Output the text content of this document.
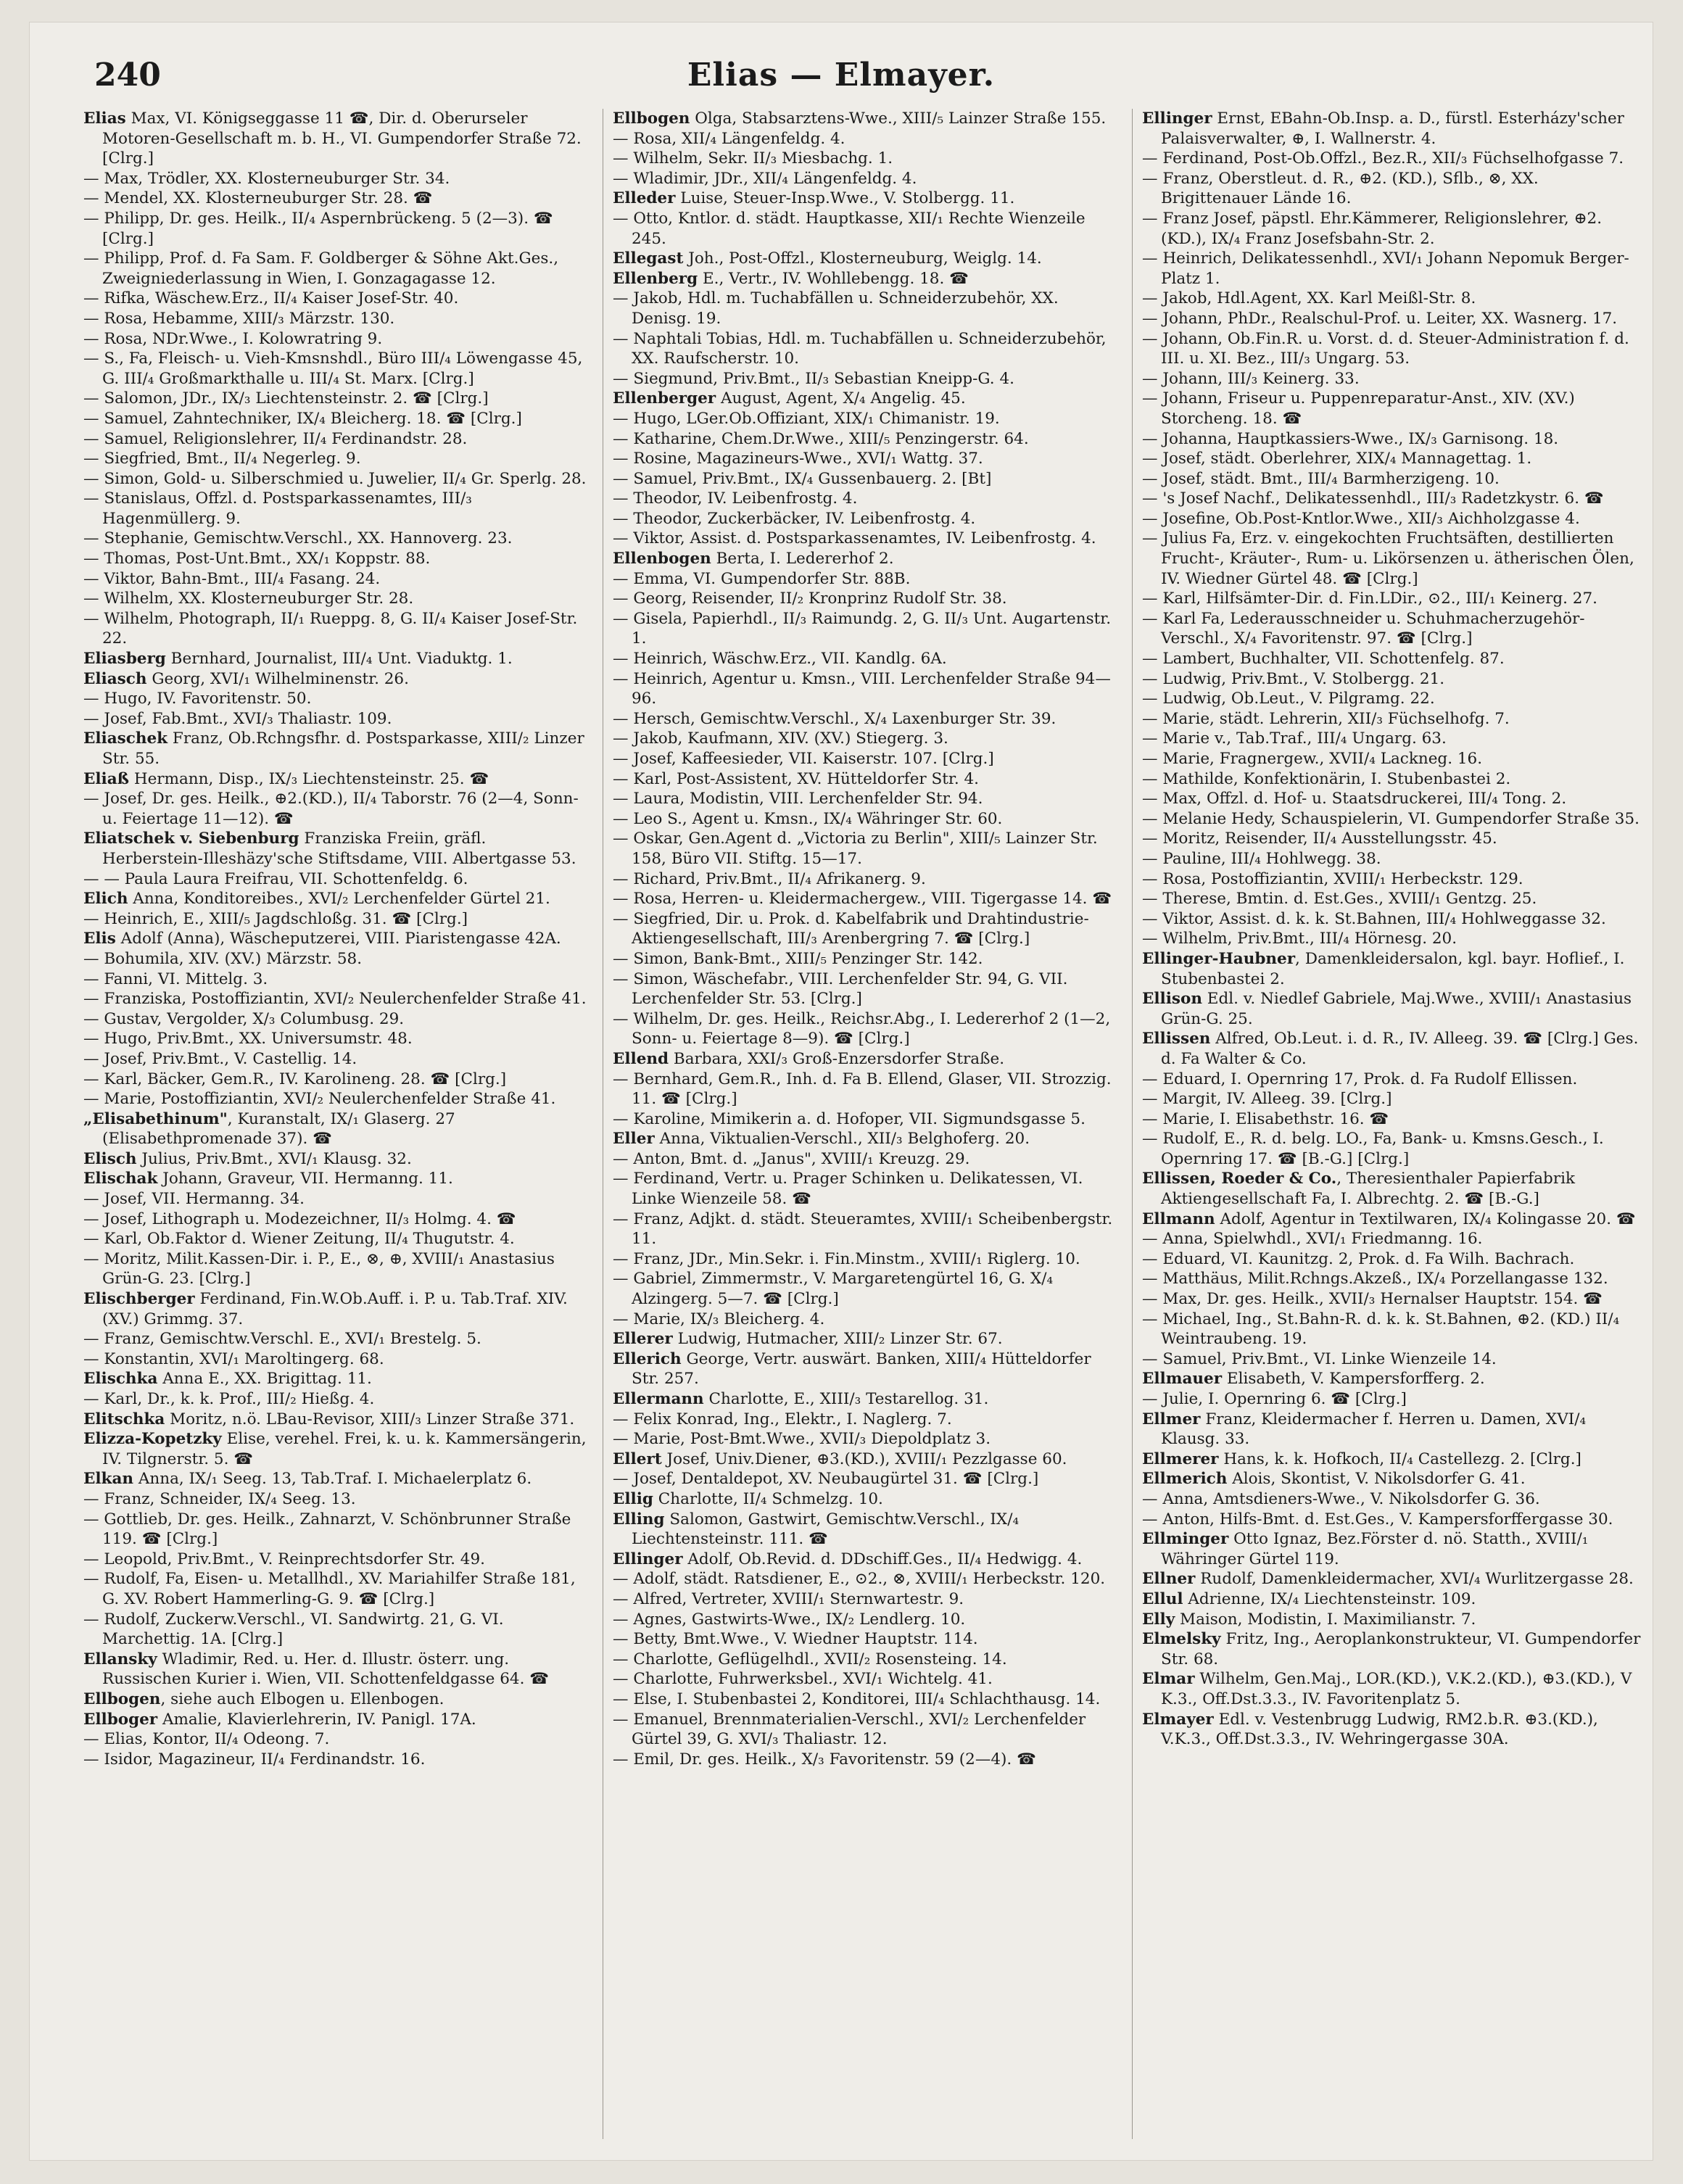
240	Elias — Elmayer.

Elias Max, VI. Königseggasse 11 ☎, Dir. d. Oberurseler Motoren-Gesellschaft m. b. H., VI. Gumpendorfer Straße 72. [Clrg.]

— Max, Trödler, XX. Klosterneuburger Str. 34.

— Mendel, XX. Klosterneuburger Str. 28. ☎

— Philipp, Dr. ges. Heilk., II/₄ Aspernbrückeng. 5 (2—3). ☎ [Clrg.]

— Philipp, Prof. d. Fa Sam. F. Goldberger & Söhne Akt.Ges., Zweigniederlassung in Wien, I. Gonzagagasse 12.

— Rifka, Wäschew.Erz., II/₄ Kaiser Josef-Str. 40.

— Rosa, Hebamme, XIII/₃ Märzstr. 130.

— Rosa, NDr.Wwe., I. Kolowratring 9.

— S., Fa, Fleisch- u. Vieh-Kmsnshdl., Büro III/₄ Löwengasse 45, G. III/₄ Großmarkthalle u. III/₄ St. Marx. [Clrg.]

— Salomon, JDr., IX/₃ Liechtensteinstr. 2. ☎ [Clrg.]

— Samuel, Zahntechniker, IX/₄ Bleicherg. 18. ☎ [Clrg.]

— Samuel, Religionslehrer, II/₄ Ferdinandstr. 28.

— Siegfried, Bmt., II/₄ Negerleg. 9.

— Simon, Gold- u. Silberschmied u. Juwelier, II/₄ Gr. Sperlg. 28.

— Stanislaus, Offzl. d. Postsparkassenamtes, III/₃ Hagenmüllerg. 9.

— Stephanie, Gemischtw.Verschl., XX. Hannoverg. 23.

— Thomas, Post-Unt.Bmt., XX/₁ Koppstr. 88.

— Viktor, Bahn-Bmt., III/₄ Fasang. 24.

— Wilhelm, XX. Klosterneuburger Str. 28.

— Wilhelm, Photograph, II/₁ Rueppg. 8, G. II/₄ Kaiser Josef-Str. 22.

Eliasberg Bernhard, Journalist, III/₄ Unt. Viaduktg. 1.

Eliasch Georg, XVI/₁ Wilhelminenstr. 26.

— Hugo, IV. Favoritenstr. 50.

— Josef, Fab.Bmt., XVI/₃ Thaliastr. 109.

Eliaschek Franz, Ob.Rchngsfhr. d. Postsparkasse, XIII/₂ Linzer Str. 55.

Eliaß Hermann, Disp., IX/₃ Liechtensteinstr. 25. ☎

— Josef, Dr. ges. Heilk., ⊕2.(KD.), II/₄ Taborstr. 76 (2—4, Sonn- u. Feiertage 11—12). ☎

Eliatschek v. Siebenburg Franziska Freiin, gräfl. Herberstein-Illeshäzy'sche Stiftsdame, VIII. Albertgasse 53.

— — Paula Laura Freifrau, VII. Schottenfeldg. 6.

Elich Anna, Konditoreibes., XVI/₂ Lerchenfelder Gürtel 21.

— Heinrich, E., XIII/₅ Jagdschloßg. 31. ☎ [Clrg.]

Elis Adolf (Anna), Wäscheputzerei, VIII. Piaristengasse 42A.

— Bohumila, XIV. (XV.) Märzstr. 58.

— Fanni, VI. Mittelg. 3.

— Franziska, Postoffiziantin, XVI/₂ Neulerchenfelder Straße 41.

— Gustav, Vergolder, X/₃ Columbusg. 29.

— Hugo, Priv.Bmt., XX. Universumstr. 48.

— Josef, Priv.Bmt., V. Castellig. 14.

— Karl, Bäcker, Gem.R., IV. Karolineng. 28. ☎ [Clrg.]

— Marie, Postoffiziantin, XVI/₂ Neulerchenfelder Straße 41.

„Elisabethinum", Kuranstalt, IX/₁ Glaserg. 27 (Elisabethpromenade 37). ☎

Elisch Julius, Priv.Bmt., XVI/₁ Klausg. 32.

Elischak Johann, Graveur, VII. Hermanng. 11.

— Josef, VII. Hermanng. 34.

— Josef, Lithograph u. Modezeichner, II/₃ Holmg. 4. ☎

— Karl, Ob.Faktor d. Wiener Zeitung, II/₄ Thugutstr. 4.

— Moritz, Milit.Kassen-Dir. i. P., E., ⊗, ⊕, XVIII/₁ Anastasius Grün-G. 23. [Clrg.]

Elischberger Ferdinand, Fin.W.Ob.Auff. i. P. u. Tab.Traf. XIV. (XV.) Grimmg. 37.

— Franz, Gemischtw.Verschl. E., XVI/₁ Brestelg. 5.

— Konstantin, XVI/₁ Maroltingerg. 68.

Elischka Anna E., XX. Brigittag. 11.

— Karl, Dr., k. k. Prof., III/₂ Hießg. 4.

Elitschka Moritz, n.ö. LBau-Revisor, XIII/₃ Linzer Straße 371.

Elizza-Kopetzky Elise, verehel. Frei, k. u. k. Kammersängerin, IV. Tilgnerstr. 5. ☎

Elkan Anna, IX/₁ Seeg. 13, Tab.Traf. I. Michaelerplatz 6.

— Franz, Schneider, IX/₄ Seeg. 13.

— Gottlieb, Dr. ges. Heilk., Zahnarzt, V. Schönbrunner Straße 119. ☎ [Clrg.]

— Leopold, Priv.Bmt., V. Reinprechtsdorfer Str. 49.

— Rudolf, Fa, Eisen- u. Metallhdl., XV. Mariahilfer Straße 181, G. XV. Robert Hammerling-G. 9. ☎ [Clrg.]

— Rudolf, Zuckerw.Verschl., VI. Sandwirtg. 21, G. VI. Marchettig. 1A. [Clrg.]

Ellansky Wladimir, Red. u. Her. d. Illustr. österr. ung. Russischen Kurier i. Wien, VII. Schottenfeldgasse 64. ☎

Ellbogen, siehe auch Elbogen u. Ellenbogen.

Ellboger Amalie, Klavierlehrerin, IV. Panigl. 17A.

— Elias, Kontor, II/₄ Odeong. 7.

— Isidor, Magazineur, II/₄ Ferdinandstr. 16.

Ellbogen Olga, Stabsarztens-Wwe., XIII/₅ Lainzer Straße 155.

— Rosa, XII/₄ Längenfeldg. 4.

— Wilhelm, Sekr. II/₃ Miesbachg. 1.

— Wladimir, JDr., XII/₄ Längenfeldg. 4.

Elleder Luise, Steuer-Insp.Wwe., V. Stolbergg. 11.

— Otto, Kntlor. d. städt. Hauptkasse, XII/₁ Rechte Wienzeile 245.

Ellegast Joh., Post-Offzl., Klosterneuburg, Weiglg. 14.

Ellenberg E., Vertr., IV. Wohllebengg. 18. ☎

— Jakob, Hdl. m. Tuchabfällen u. Schneiderzubehör, XX. Denisg. 19.

— Naphtali Tobias, Hdl. m. Tuchabfällen u. Schneiderzubehör, XX. Raufscherstr. 10.

— Siegmund, Priv.Bmt., II/₃ Sebastian Kneipp-G. 4.

Ellenberger August, Agent, X/₄ Angelig. 45.

— Hugo, LGer.Ob.Offiziant, XIX/₁ Chimanistr. 19.

— Katharine, Chem.Dr.Wwe., XIII/₅ Penzingerstr. 64.

— Rosine, Magazineurs-Wwe., XVI/₁ Wattg. 37.

— Samuel, Priv.Bmt., IX/₄ Gussenbauerg. 2. [Bt]

— Theodor, IV. Leibenfrostg. 4.

— Theodor, Zuckerbäcker, IV. Leibenfrostg. 4.

— Viktor, Assist. d. Postsparkassenamtes, IV. Leibenfrostg. 4.

Ellenbogen Berta, I. Ledererhof 2.

— Emma, VI. Gumpendorfer Str. 88B.

— Georg, Reisender, II/₂ Kronprinz Rudolf Str. 38.

— Gisela, Papierhdl., II/₃ Raimundg. 2, G. II/₃ Unt. Augartenstr. 1.

— Heinrich, Wäschw.Erz., VII. Kandlg. 6A.

— Heinrich, Agentur u. Kmsn., VIII. Lerchenfelder Straße 94—96.

— Hersch, Gemischtw.Verschl., X/₄ Laxenburger Str. 39.

— Jakob, Kaufmann, XIV. (XV.) Stiegerg. 3.

— Josef, Kaffeesieder, VII. Kaiserstr. 107. [Clrg.]

— Karl, Post-Assistent, XV. Hütteldorfer Str. 4.

— Laura, Modistin, VIII. Lerchenfelder Str. 94.

— Leo S., Agent u. Kmsn., IX/₄ Währinger Str. 60.

— Oskar, Gen.Agent d. „Victoria zu Berlin", XIII/₅ Lainzer Str. 158, Büro VII. Stiftg. 15—17.

— Richard, Priv.Bmt., II/₄ Afrikanerg. 9.

— Rosa, Herren- u. Kleidermachergew., VIII. Tigergasse 14. ☎

— Siegfried, Dir. u. Prok. d. Kabelfabrik und Drahtindustrie-Aktiengesellschaft, III/₃ Arenbergring 7. ☎ [Clrg.]

— Simon, Bank-Bmt., XIII/₅ Penzinger Str. 142.

— Simon, Wäschefabr., VIII. Lerchenfelder Str. 94, G. VII. Lerchenfelder Str. 53. [Clrg.]

— Wilhelm, Dr. ges. Heilk., Reichsr.Abg., I. Ledererhof 2 (1—2, Sonn- u. Feiertage 8—9). ☎ [Clrg.]

Ellend Barbara, XXI/₃ Groß-Enzersdorfer Straße.

— Bernhard, Gem.R., Inh. d. Fa B. Ellend, Glaser, VII. Strozzig. 11. ☎ [Clrg.]

— Karoline, Mimikerin a. d. Hofoper, VII. Sigmundsgasse 5.

Eller Anna, Viktualien-Verschl., XII/₃ Belghoferg. 20.

— Anton, Bmt. d. „Janus", XVIII/₁ Kreuzg. 29.

— Ferdinand, Vertr. u. Prager Schinken u. Delikatessen, VI. Linke Wienzeile 58. ☎

— Franz, Adjkt. d. städt. Steueramtes, XVIII/₁ Scheibenbergstr. 11.

— Franz, JDr., Min.Sekr. i. Fin.Minstm., XVIII/₁ Riglerg. 10.

— Gabriel, Zimmermstr., V. Margaretengürtel 16, G. X/₄ Alzingerg. 5—7. ☎ [Clrg.]

— Marie, IX/₃ Bleicherg. 4.

Ellerer Ludwig, Hutmacher, XIII/₂ Linzer Str. 67.

Ellerich George, Vertr. auswärt. Banken, XIII/₄ Hütteldorfer Str. 257.

Ellermann Charlotte, E., XIII/₃ Testarellog. 31.

— Felix Konrad, Ing., Elektr., I. Naglerg. 7.

— Marie, Post-Bmt.Wwe., XVII/₃ Diepoldplatz 3.

Ellert Josef, Univ.Diener, ⊕3.(KD.), XVIII/₁ Pezzlgasse 60.

— Josef, Dentaldepot, XV. Neubaugürtel 31. ☎ [Clrg.]

Ellig Charlotte, II/₄ Schmelzg. 10.

Elling Salomon, Gastwirt, Gemischtw.Verschl., IX/₄ Liechtensteinstr. 111. ☎

Ellinger Adolf, Ob.Revid. d. DDschiff.Ges., II/₄ Hedwigg. 4.

— Adolf, städt. Ratsdiener, E., ⊙2., ⊗, XVIII/₁ Herbeckstr. 120.

— Alfred, Vertreter, XVIII/₁ Sternwartestr. 9.

— Agnes, Gastwirts-Wwe., IX/₂ Lendlerg. 10.

— Betty, Bmt.Wwe., V. Wiedner Hauptstr. 114.

— Charlotte, Geflügelhdl., XVII/₂ Rosensteing. 14.

— Charlotte, Fuhrwerksbel., XVI/₁ Wichtelg. 41.

— Else, I. Stubenbastei 2, Konditorei, III/₄ Schlachthausg. 14.

— Emanuel, Brennmaterialien-Verschl., XVI/₂ Lerchenfelder Gürtel 39, G. XVI/₃ Thaliastr. 12.

— Emil, Dr. ges. Heilk., X/₃ Favoritenstr. 59 (2—4). ☎

Ellinger Ernst, EBahn-Ob.Insp. a. D., fürstl. Esterházy'scher Palaisverwalter, ⊕, I. Wallnerstr. 4.

— Ferdinand, Post-Ob.Offzl., Bez.R., XII/₃ Füchselhofgasse 7.

— Franz, Oberstleut. d. R., ⊕2. (KD.), Sflb., ⊗, XX. Brigittenauer Lände 16.

— Franz Josef, päpstl. Ehr.Kämmerer, Religionslehrer, ⊕2. (KD.), IX/₄ Franz Josefsbahn-Str. 2.

— Heinrich, Delikatessenhdl., XVI/₁ Johann Nepomuk Berger-Platz 1.

— Jakob, Hdl.Agent, XX. Karl Meißl-Str. 8.

— Johann, PhDr., Realschul-Prof. u. Leiter, XX. Wasnerg. 17.

— Johann, Ob.Fin.R. u. Vorst. d. d. Steuer-Administration f. d. III. u. XI. Bez., III/₃ Ungarg. 53.

— Johann, III/₃ Keinerg. 33.

— Johann, Friseur u. Puppenreparatur-Anst., XIV. (XV.) Storcheng. 18. ☎

— Johanna, Hauptkassiers-Wwe., IX/₃ Garnisong. 18.

— Josef, städt. Oberlehrer, XIX/₄ Mannagettag. 1.

— Josef, städt. Bmt., III/₄ Barmherzigeng. 10.

— 's Josef Nachf., Delikatessenhdl., III/₃ Radetzkystr. 6. ☎

— Josefine, Ob.Post-Kntlor.Wwe., XII/₃ Aichholzgasse 4.

— Julius Fa, Erz. v. eingekochten Fruchtsäften, destillierten Frucht-, Kräuter-, Rum- u. Likörsenzen u. ätherischen Ölen, IV. Wiedner Gürtel 48. ☎ [Clrg.]

— Karl, Hilfsämter-Dir. d. Fin.LDir., ⊙2., III/₁ Keinerg. 27.

— Karl Fa, Lederausschneider u. Schuhmacherzugehör-Verschl., X/₄ Favoritenstr. 97. ☎ [Clrg.]

— Lambert, Buchhalter, VII. Schottenfelg. 87.

— Ludwig, Priv.Bmt., V. Stolbergg. 21.

— Ludwig, Ob.Leut., V. Pilgramg. 22.

— Marie, städt. Lehrerin, XII/₃ Füchselhofg. 7.

— Marie v., Tab.Traf., III/₄ Ungarg. 63.

— Marie, Fragnergew., XVII/₄ Lackneg. 16.

— Mathilde, Konfektionärin, I. Stubenbastei 2.

— Max, Offzl. d. Hof- u. Staatsdruckerei, III/₄ Tong. 2.

— Melanie Hedy, Schauspielerin, VI. Gumpendorfer Straße 35.

— Moritz, Reisender, II/₄ Ausstellungsstr. 45.

— Pauline, III/₄ Hohlwegg. 38.

— Rosa, Postoffiziantin, XVIII/₁ Herbeckstr. 129.

— Therese, Bmtin. d. Est.Ges., XVIII/₁ Gentzg. 25.

— Viktor, Assist. d. k. k. St.Bahnen, III/₄ Hohlweggasse 32.

— Wilhelm, Priv.Bmt., III/₄ Hörnesg. 20.

Ellinger-Haubner, Damenkleidersalon, kgl. bayr. Hoflief., I. Stubenbastei 2.

Ellison Edl. v. Niedlef Gabriele, Maj.Wwe., XVIII/₁ Anastasius Grün-G. 25.

Ellissen Alfred, Ob.Leut. i. d. R., IV. Alleeg. 39. ☎ [Clrg.] Ges. d. Fa Walter & Co.

— Eduard, I. Opernring 17, Prok. d. Fa Rudolf Ellissen.

— Margit, IV. Alleeg. 39. [Clrg.]

— Marie, I. Elisabethstr. 16. ☎

— Rudolf, E., R. d. belg. LO., Fa, Bank- u. Kmsns.Gesch., I. Opernring 17. ☎ [B.-G.] [Clrg.]

Ellissen, Roeder & Co., Theresienthaler Papierfabrik Aktiengesellschaft Fa, I. Albrechtg. 2. ☎ [B.-G.]

Ellmann Adolf, Agentur in Textilwaren, IX/₄ Kolingasse 20. ☎

— Anna, Spielwhdl., XVI/₁ Friedmanng. 16.

— Eduard, VI. Kaunitzg. 2, Prok. d. Fa Wilh. Bachrach.

— Matthäus, Milit.Rchngs.Akzeß., IX/₄ Porzellangasse 132.

— Max, Dr. ges. Heilk., XVII/₃ Hernalser Hauptstr. 154. ☎

— Michael, Ing., St.Bahn-R. d. k. k. St.Bahnen, ⊕2. (KD.) II/₄ Weintraubeng. 19.

— Samuel, Priv.Bmt., VI. Linke Wienzeile 14.

Ellmauer Elisabeth, V. Kampersforfferg. 2.

— Julie, I. Opernring 6. ☎ [Clrg.]

Ellmer Franz, Kleidermacher f. Herren u. Damen, XVI/₄ Klausg. 33.

Ellmerer Hans, k. k. Hofkoch, II/₄ Castellezg. 2. [Clrg.]

Ellmerich Alois, Skontist, V. Nikolsdorfer G. 41.

— Anna, Amtsdieners-Wwe., V. Nikolsdorfer G. 36.

— Anton, Hilfs-Bmt. d. Est.Ges., V. Kampersforffergasse 30.

Ellminger Otto Ignaz, Bez.Förster d. nö. Statth., XVIII/₁ Währinger Gürtel 119.

Ellner Rudolf, Damenkleidermacher, XVI/₄ Wurlitzergasse 28.

Ellul Adrienne, IX/₄ Liechtensteinstr. 109.

Elly Maison, Modistin, I. Maximilianstr. 7.

Elmelsky Fritz, Ing., Aeroplankonstrukteur, VI. Gumpendorfer Str. 68.

Elmar Wilhelm, Gen.Maj., LOR.(KD.), V.K.2.(KD.), ⊕3.(KD.), V K.3., Off.Dst.3.3., IV. Favoritenplatz 5.

Elmayer Edl. v. Vestenbrugg Ludwig, RM2.b.R. ⊕3.(KD.), V.K.3., Off.Dst.3.3., IV. Wehringergasse 30A.
